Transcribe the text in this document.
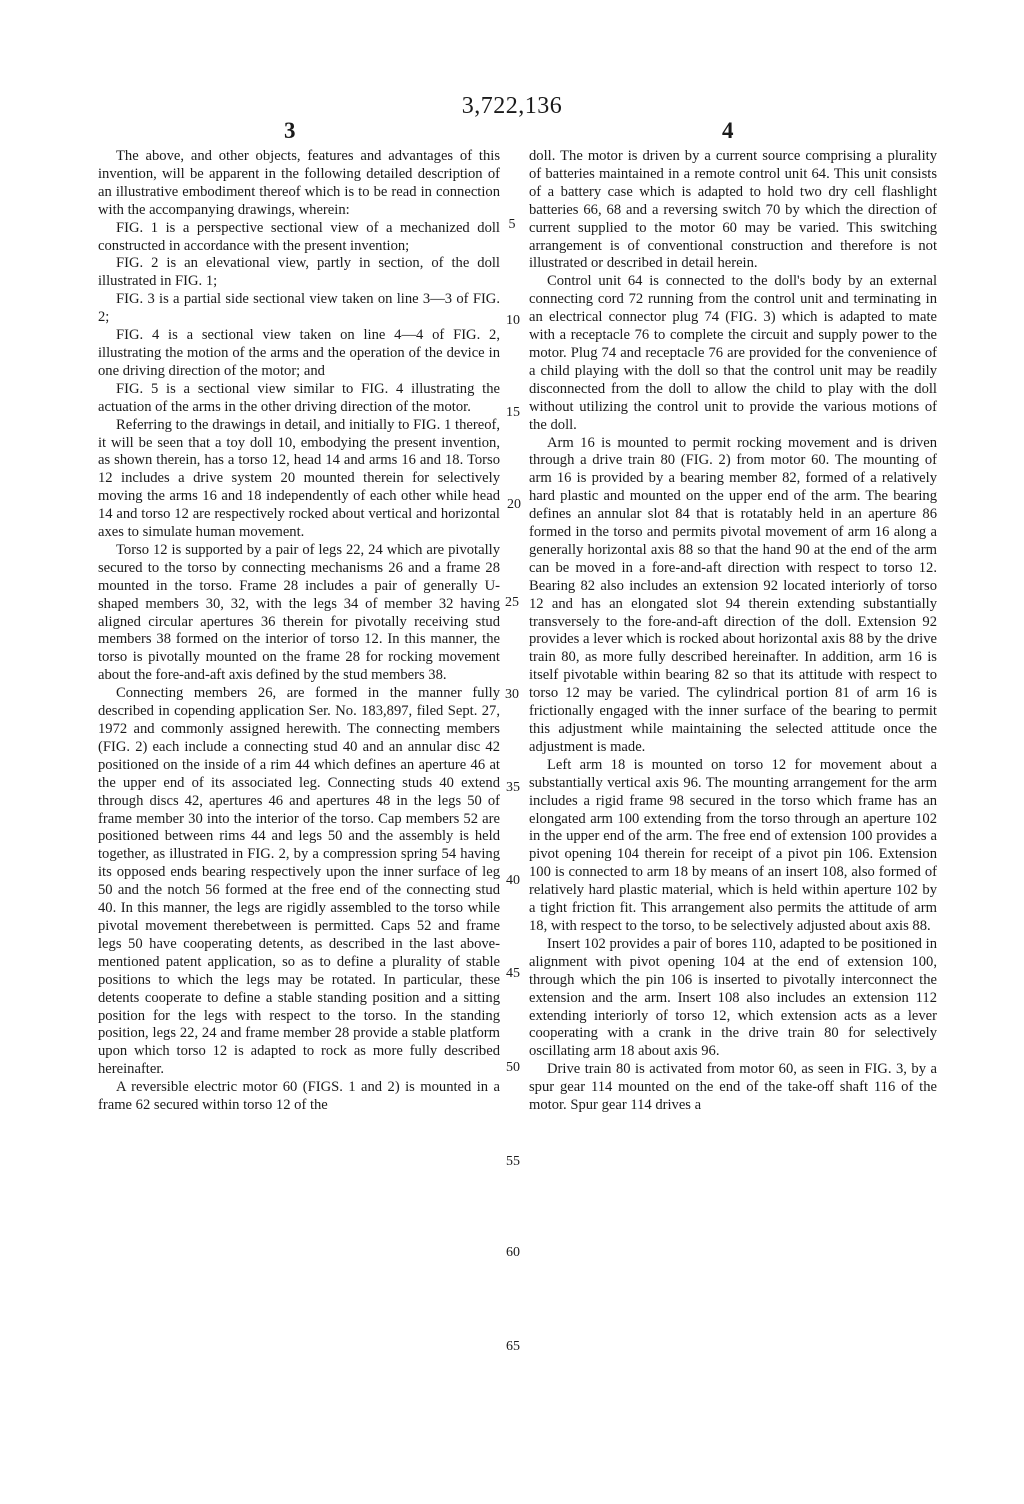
3,722,136
3	4

The above, and other objects, features and advantages of this invention, will be apparent in the following detailed description of an illustrative embodiment thereof which is to be read in connection with the accompanying drawings, wherein:

FIG. 1 is a perspective sectional view of a mechanized doll constructed in accordance with the present invention;

FIG. 2 is an elevational view, partly in section, of the doll illustrated in FIG. 1;

FIG. 3 is a partial side sectional view taken on line 3—3 of FIG. 2;

FIG. 4 is a sectional view taken on line 4—4 of FIG. 2, illustrating the motion of the arms and the operation of the device in one driving direction of the motor; and

FIG. 5 is a sectional view similar to FIG. 4 illustrating the actuation of the arms in the other driving direction of the motor.

Referring to the drawings in detail, and initially to FIG. 1 thereof, it will be seen that a toy doll 10, embodying the present invention, as shown therein, has a torso 12, head 14 and arms 16 and 18. Torso 12 includes a drive system 20 mounted therein for selectively moving the arms 16 and 18 independently of each other while head 14 and torso 12 are respectively rocked about vertical and horizontal axes to simulate human movement.

Torso 12 is supported by a pair of legs 22, 24 which are pivotally secured to the torso by connecting mechanisms 26 and a frame 28 mounted in the torso. Frame 28 includes a pair of generally U-shaped members 30, 32, with the legs 34 of member 32 having aligned circular apertures 36 therein for pivotally receiving stud members 38 formed on the interior of torso 12. In this manner, the torso is pivotally mounted on the frame 28 for rocking movement about the fore-and-aft axis defined by the stud members 38.

Connecting members 26, are formed in the manner fully described in copending application Ser. No. 183,897, filed Sept. 27, 1972 and commonly assigned herewith. The connecting members (FIG. 2) each include a connecting stud 40 and an annular disc 42 positioned on the inside of a rim 44 which defines an aperture 46 at the upper end of its associated leg. Connecting studs 40 extend through discs 42, apertures 46 and apertures 48 in the legs 50 of frame member 30 into the interior of the torso. Cap members 52 are positioned between rims 44 and legs 50 and the assembly is held together, as illustrated in FIG. 2, by a compression spring 54 having its opposed ends bearing respectively upon the inner surface of leg 50 and the notch 56 formed at the free end of the connecting stud 40. In this manner, the legs are rigidly assembled to the torso while pivotal movement therebetween is permitted. Caps 52 and frame legs 50 have cooperating detents, as described in the last above-mentioned patent application, so as to define a plurality of stable positions to which the legs may be rotated. In particular, these detents cooperate to define a stable standing position and a sitting position for the legs with respect to the torso. In the standing position, legs 22, 24 and frame member 28 provide a stable platform upon which torso 12 is adapted to rock as more fully described hereinafter.

A reversible electric motor 60 (FIGS. 1 and 2) is mounted in a frame 62 secured within torso 12 of the

5
10
15
20
25
30
35
40
45
50
55
60
65

doll. The motor is driven by a current source comprising a plurality of batteries maintained in a remote control unit 64. This unit consists of a battery case which is adapted to hold two dry cell flashlight batteries 66, 68 and a reversing switch 70 by which the direction of current supplied to the motor 60 may be varied. This switching arrangement is of conventional construction and therefore is not illustrated or described in detail herein.

Control unit 64 is connected to the doll's body by an external connecting cord 72 running from the control unit and terminating in an electrical connector plug 74 (FIG. 3) which is adapted to mate with a receptacle 76 to complete the circuit and supply power to the motor. Plug 74 and receptacle 76 are provided for the convenience of a child playing with the doll so that the control unit may be readily disconnected from the doll to allow the child to play with the doll without utilizing the control unit to provide the various motions of the doll.

Arm 16 is mounted to permit rocking movement and is driven through a drive train 80 (FIG. 2) from motor 60. The mounting of arm 16 is provided by a bearing member 82, formed of a relatively hard plastic and mounted on the upper end of the arm. The bearing defines an annular slot 84 that is rotatably held in an aperture 86 formed in the torso and permits pivotal movement of arm 16 along a generally horizontal axis 88 so that the hand 90 at the end of the arm can be moved in a fore-and-aft direction with respect to torso 12. Bearing 82 also includes an extension 92 located interiorly of torso 12 and has an elongated slot 94 therein extending substantially transversely to the fore-and-aft direction of the doll. Extension 92 provides a lever which is rocked about horizontal axis 88 by the drive train 80, as more fully described hereinafter. In addition, arm 16 is itself pivotable within bearing 82 so that its attitude with respect to torso 12 may be varied. The cylindrical portion 81 of arm 16 is frictionally engaged with the inner surface of the bearing to permit this adjustment while maintaining the selected attitude once the adjustment is made.

Left arm 18 is mounted on torso 12 for movement about a substantially vertical axis 96. The mounting arrangement for the arm includes a rigid frame 98 secured in the torso which frame has an elongated arm 100 extending from the torso through an aperture 102 in the upper end of the arm. The free end of extension 100 provides a pivot opening 104 therein for receipt of a pivot pin 106. Extension 100 is connected to arm 18 by means of an insert 108, also formed of relatively hard plastic material, which is held within aperture 102 by a tight friction fit. This arrangement also permits the attitude of arm 18, with respect to the torso, to be selectively adjusted about axis 88.

Insert 102 provides a pair of bores 110, adapted to be positioned in alignment with pivot opening 104 at the end of extension 100, through which the pin 106 is inserted to pivotally interconnect the extension and the arm. Insert 108 also includes an extension 112 extending interiorly of torso 12, which extension acts as a lever cooperating with a crank in the drive train 80 for selectively oscillating arm 18 about axis 96.

Drive train 80 is activated from motor 60, as seen in FIG. 3, by a spur gear 114 mounted on the end of the take-off shaft 116 of the motor. Spur gear 114 drives a
